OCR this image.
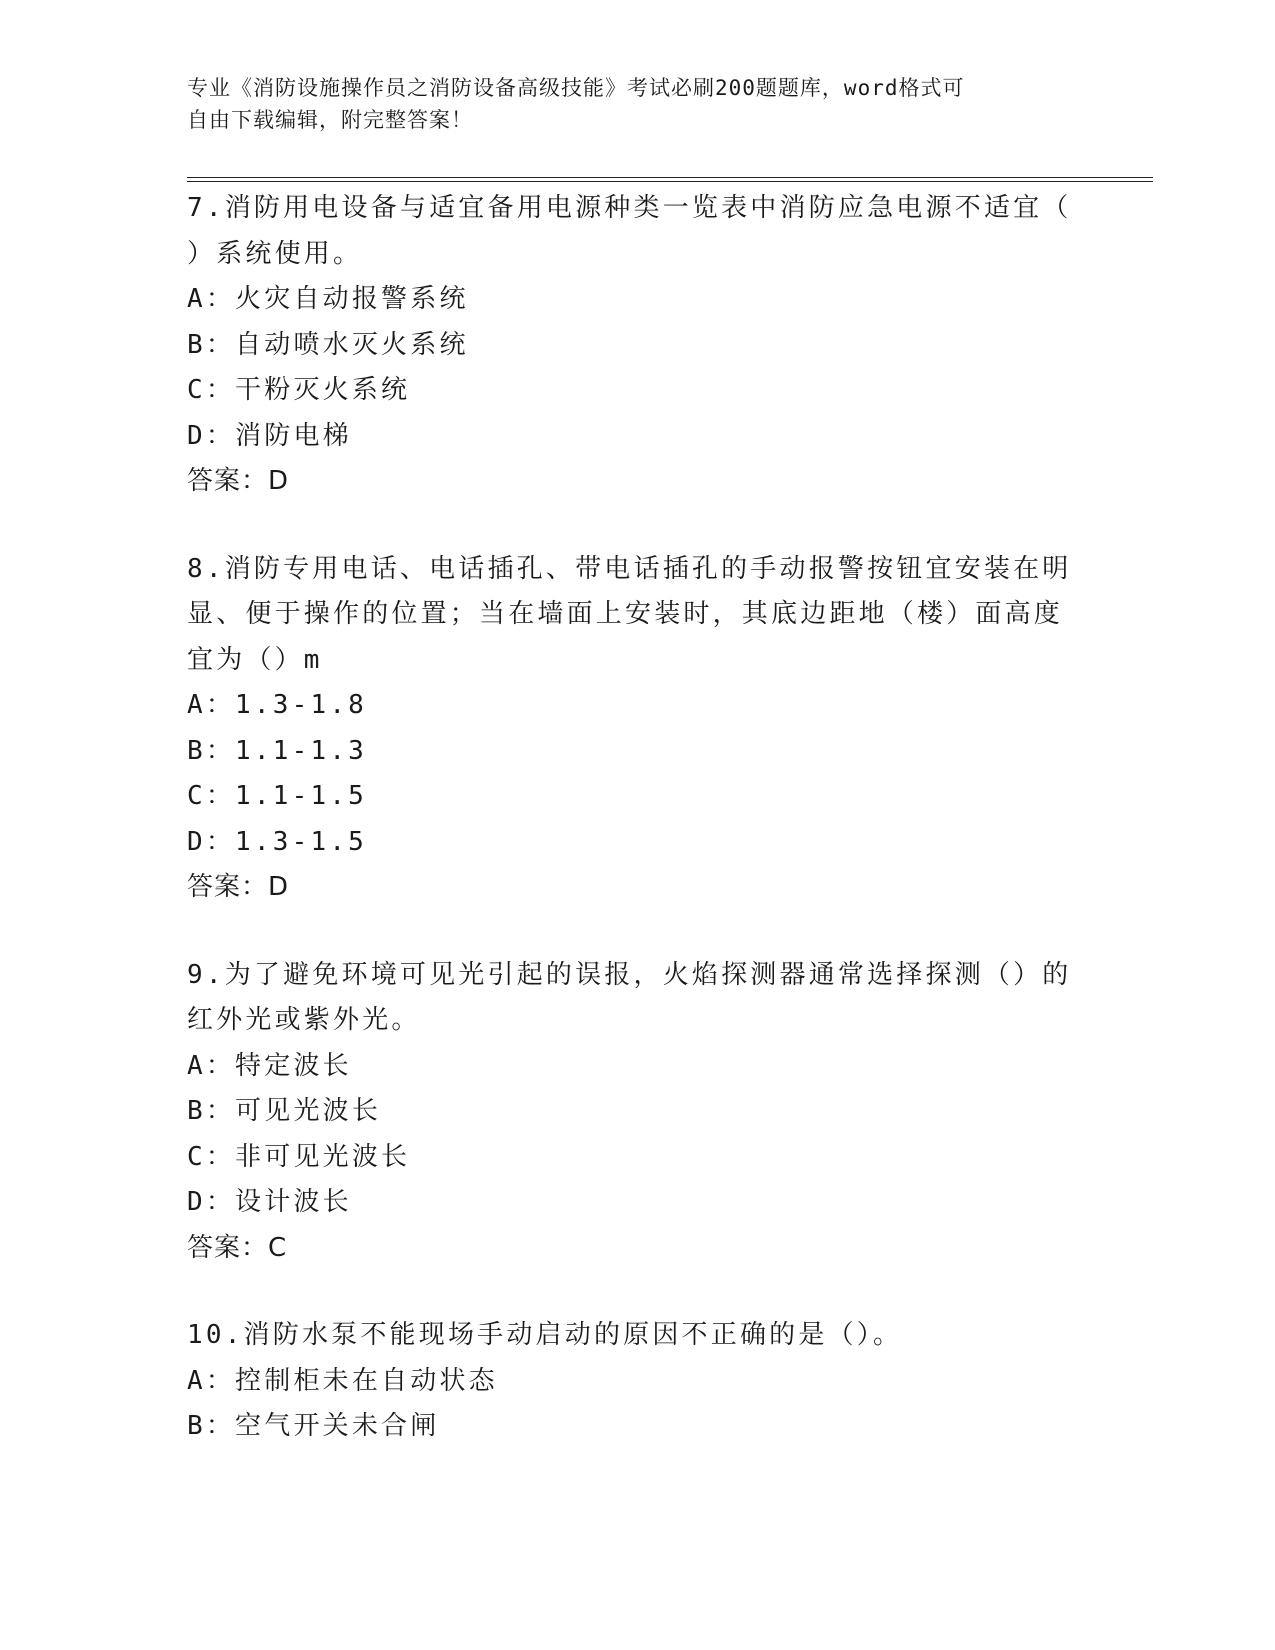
专业《消防设施操作员之消防设备高级技能》考试必刷200题题库，word格式可
自由下载编辑，附完整答案！
7.消防用电设备与适宜备用电源种类一览表中消防应急电源不适宜（
）系统使用。
A：火灾自动报警系统
B：自动喷水灭火系统
C：干粉灭火系统
D：消防电梯
答案：D
8.消防专用电话、电话插孔、带电话插孔的手动报警按钮宜安装在明
显、便于操作的位置；当在墙面上安装时，其底边距地（楼）面高度
宜为（）m
A：1.3-1.8
B：1.1-1.3
C：1.1-1.5
D：1.3-1.5
答案：D
9.为了避免环境可见光引起的误报，火焰探测器通常选择探测（）的
红外光或紫外光。
A：特定波长
B：可见光波长
C：非可见光波长
D：设计波长
答案：C
10.消防水泵不能现场手动启动的原因不正确的是（）。
A：控制柜未在自动状态
B：空气开关未合闸
